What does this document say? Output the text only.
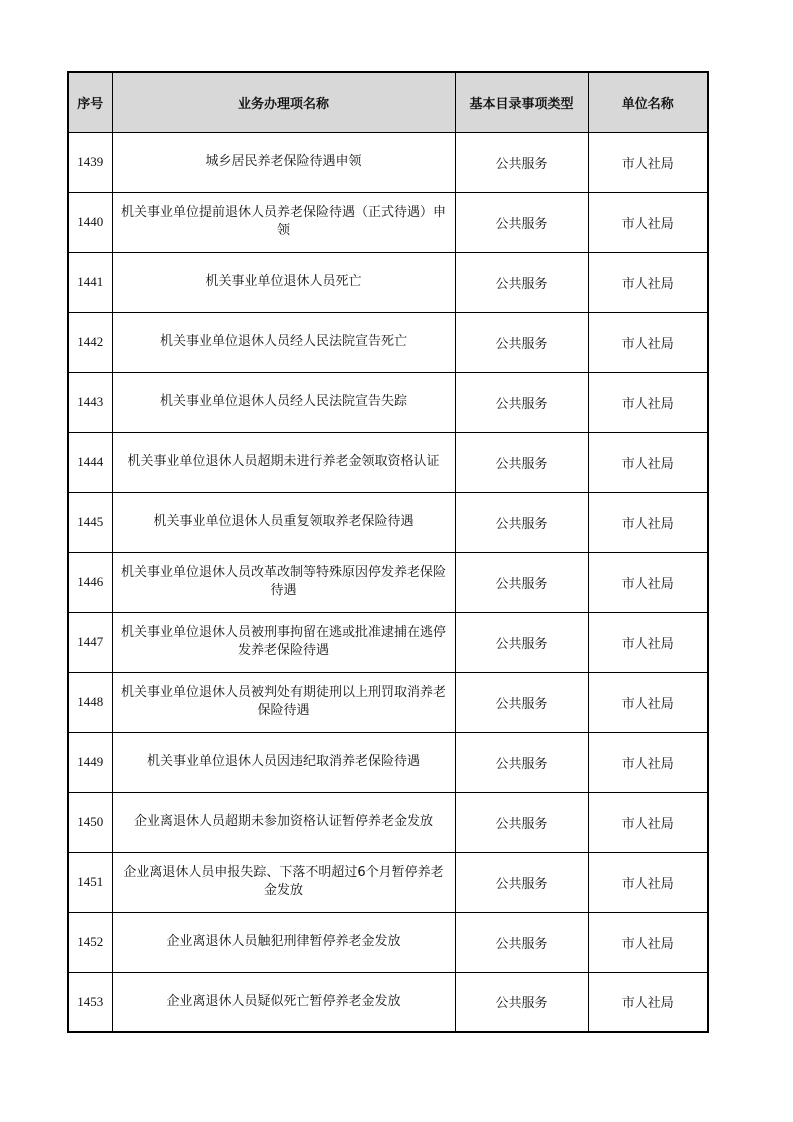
序号	业务办理项名称	基本目录事项类型	单位名称
1439	城乡居民养老保险待遇申领	公共服务	市人社局
1440	机关事业单位提前退休人员养老保险待遇（正式待遇）申领	公共服务	市人社局
1441	机关事业单位退休人员死亡	公共服务	市人社局
1442	机关事业单位退休人员经人民法院宣告死亡	公共服务	市人社局
1443	机关事业单位退休人员经人民法院宣告失踪	公共服务	市人社局
1444	机关事业单位退休人员超期未进行养老金领取资格认证	公共服务	市人社局
1445	机关事业单位退休人员重复领取养老保险待遇	公共服务	市人社局
1446	机关事业单位退休人员改革改制等特殊原因停发养老保险待遇	公共服务	市人社局
1447	机关事业单位退休人员被刑事拘留在逃或批准逮捕在逃停发养老保险待遇	公共服务	市人社局
1448	机关事业单位退休人员被判处有期徒刑以上刑罚取消养老保险待遇	公共服务	市人社局
1449	机关事业单位退休人员因违纪取消养老保险待遇	公共服务	市人社局
1450	企业离退休人员超期未参加资格认证暂停养老金发放	公共服务	市人社局
1451	企业离退休人员申报失踪、下落不明超过6个月暂停养老金发放	公共服务	市人社局
1452	企业离退休人员触犯刑律暂停养老金发放	公共服务	市人社局
1453	企业离退休人员疑似死亡暂停养老金发放	公共服务	市人社局
